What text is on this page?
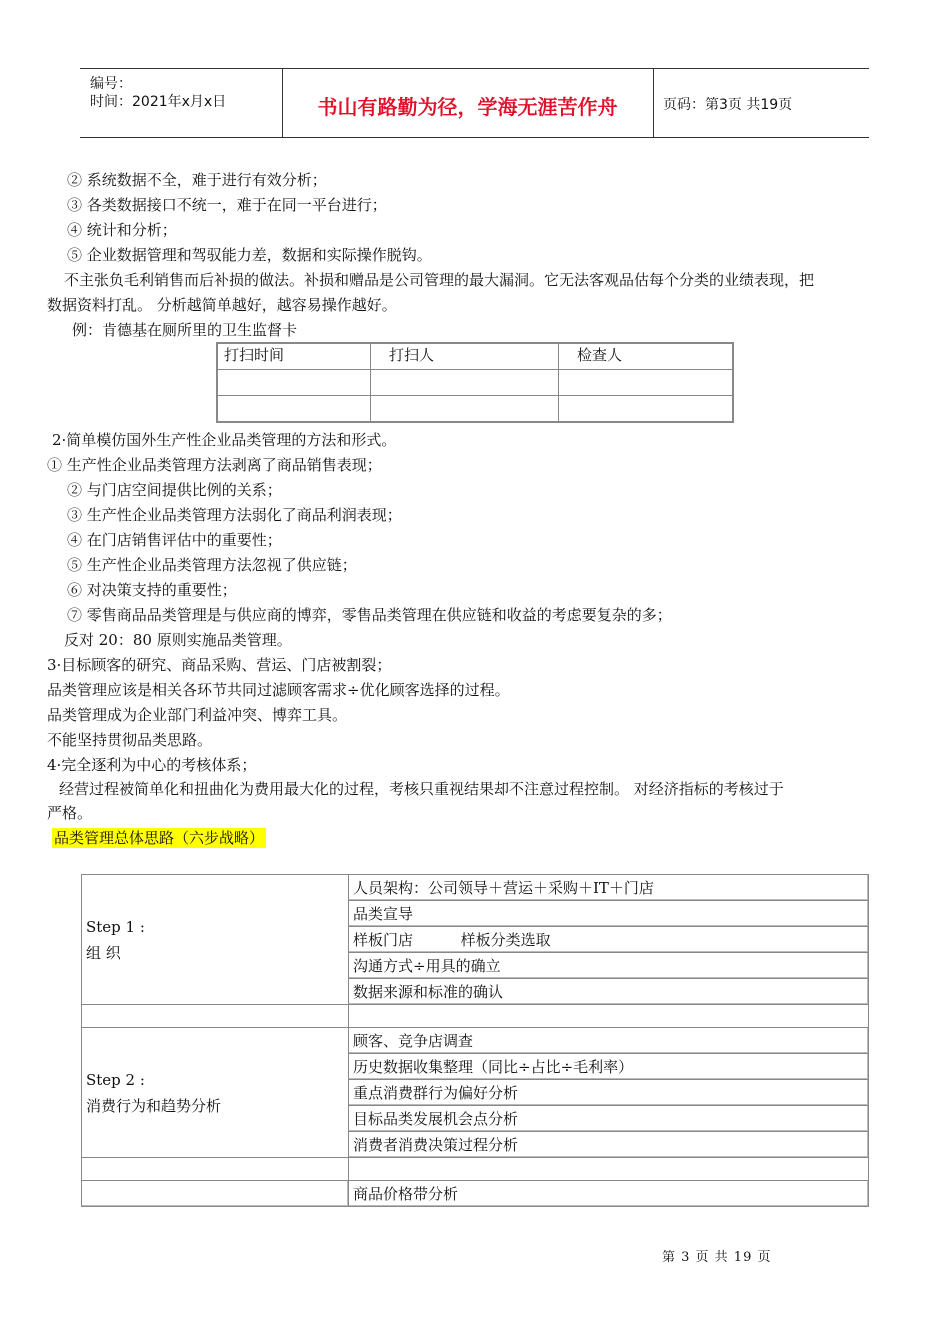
编号：
时间：2021年x月x日	书山有路勤为径，学海无涯苦作舟	页码：第3页 共19页
② 系统数据不全，难于进行有效分析；
③ 各类数据接口不统一，难于在同一平台进行；
④ 统计和分析；
⑤ 企业数据管理和驾驭能力差，数据和实际操作脱钩。
不主张负毛利销售而后补损的做法。补损和赠品是公司管理的最大漏洞。它无法客观品估每个分类的业绩表现，把
数据资料打乱。 分析越简单越好，越容易操作越好。
例：肯德基在厕所里的卫生监督卡
打扫时间	打扫人	检查人

2·简单模仿国外生产性企业品类管理的方法和形式。
① 生产性企业品类管理方法剥离了商品销售表现；
② 与门店空间提供比例的关系；
③ 生产性企业品类管理方法弱化了商品利润表现；
④ 在门店销售评估中的重要性；
⑤ 生产性企业品类管理方法忽视了供应链；
⑥ 对决策支持的重要性；
⑦ 零售商品品类管理是与供应商的博弈，零售品类管理在供应链和收益的考虑要复杂的多；
反对 20：80 原则实施品类管理。
3·目标顾客的研究、商品采购、营运、门店被割裂；
品类管理应该是相关各环节共同过滤顾客需求÷优化顾客选择的过程。
品类管理成为企业部门利益冲突、博弈工具。
不能坚持贯彻品类思路。
4·完全逐利为中心的考核体系；
经营过程被简单化和扭曲化为费用最大化的过程，考核只重视结果却不注意过程控制。 对经济指标的考核过于
严格。
品类管理总体思路（六步战略）
Step 1 :
组 织	人员架构：公司领导＋营运＋采购＋IT＋门店
	品类宣导
	样板门店          样板分类选取
	沟通方式÷用具的确立
	数据来源和标准的确认

Step 2 :
消费行为和趋势分析	顾客、竞争店调查
	历史数据收集整理（同比÷占比÷毛利率）
	重点消费群行为偏好分析
	目标品类发展机会点分析
	消费者消费决策过程分析

	商品价格带分析
第 3 页 共 19 页
